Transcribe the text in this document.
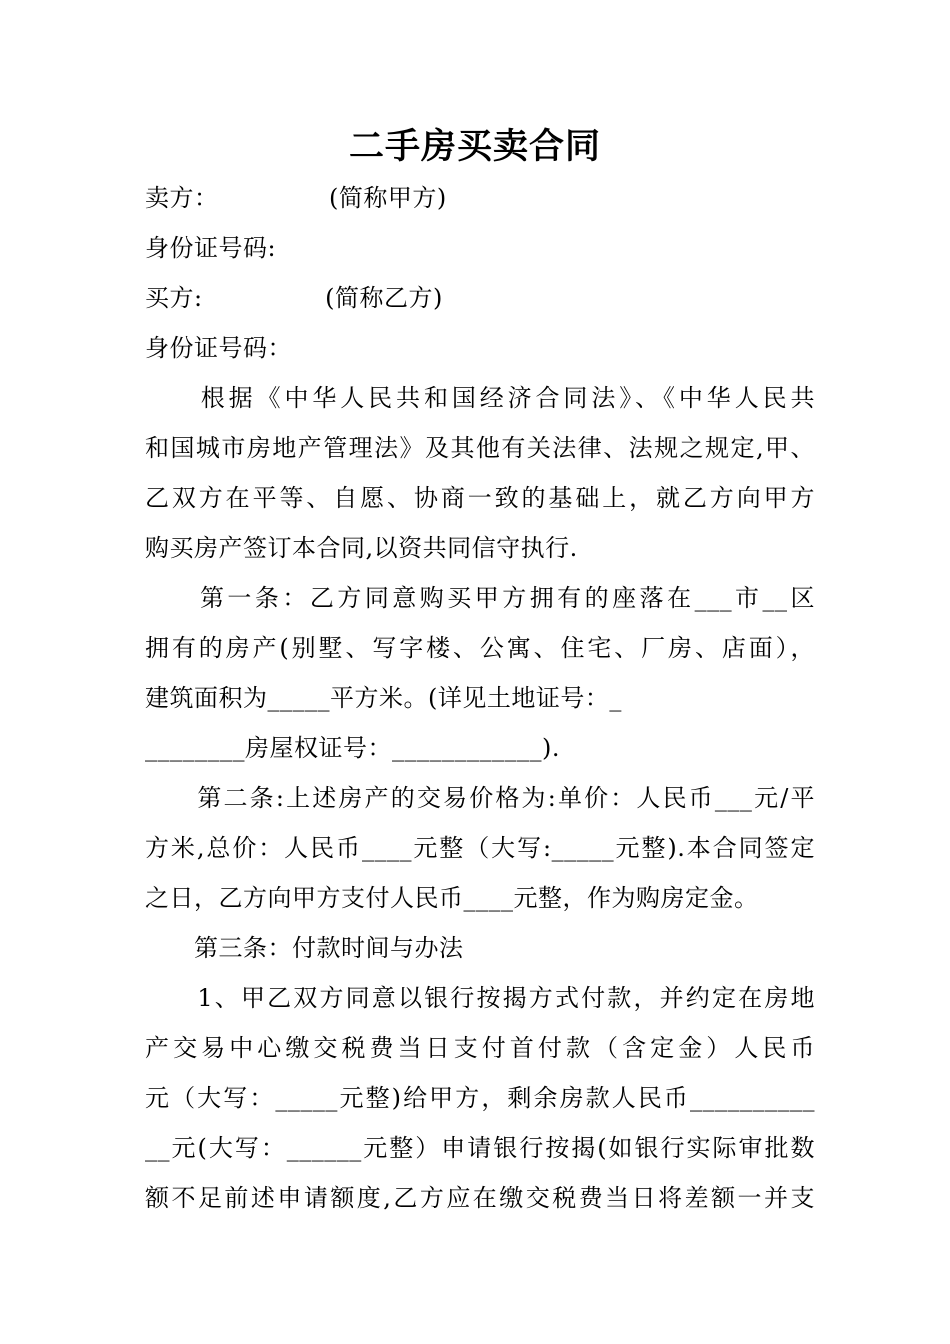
二手房买卖合同
卖方：　　　　　(简称甲方)
身份证号码:
买方:　　　　　(简称乙方)
身份证号码：
　　根据《中华人民共和国经济合同法》、《中华人民共
和国城市房地产管理法》及其他有关法律、法规之规定,甲、
乙双方在平等、自愿、协商一致的基础上，就乙方向甲方
购买房产签订本合同,以资共同信守执行.
　　第一条：乙方同意购买甲方拥有的座落在___市__区
拥有的房产(别墅、写字楼、公寓、住宅、厂房、店面），
建筑面积为_____平方米。(详见土地证号：_
________房屋权证号：____________).
　　第二条:上述房产的交易价格为:单价：人民币___元/平
方米,总价：人民币____元整（大写:_____元整).本合同签定
之日，乙方向甲方支付人民币____元整，作为购房定金。
　　第三条：付款时间与办法
　　1、甲乙双方同意以银行按揭方式付款，并约定在房地
产交易中心缴交税费当日支付首付款（含定金）人民币
元（大写：_____元整)给甲方，剩余房款人民币__________
__元(大写：______元整）申请银行按揭(如银行实际审批数
额不足前述申请额度,乙方应在缴交税费当日将差额一并支
